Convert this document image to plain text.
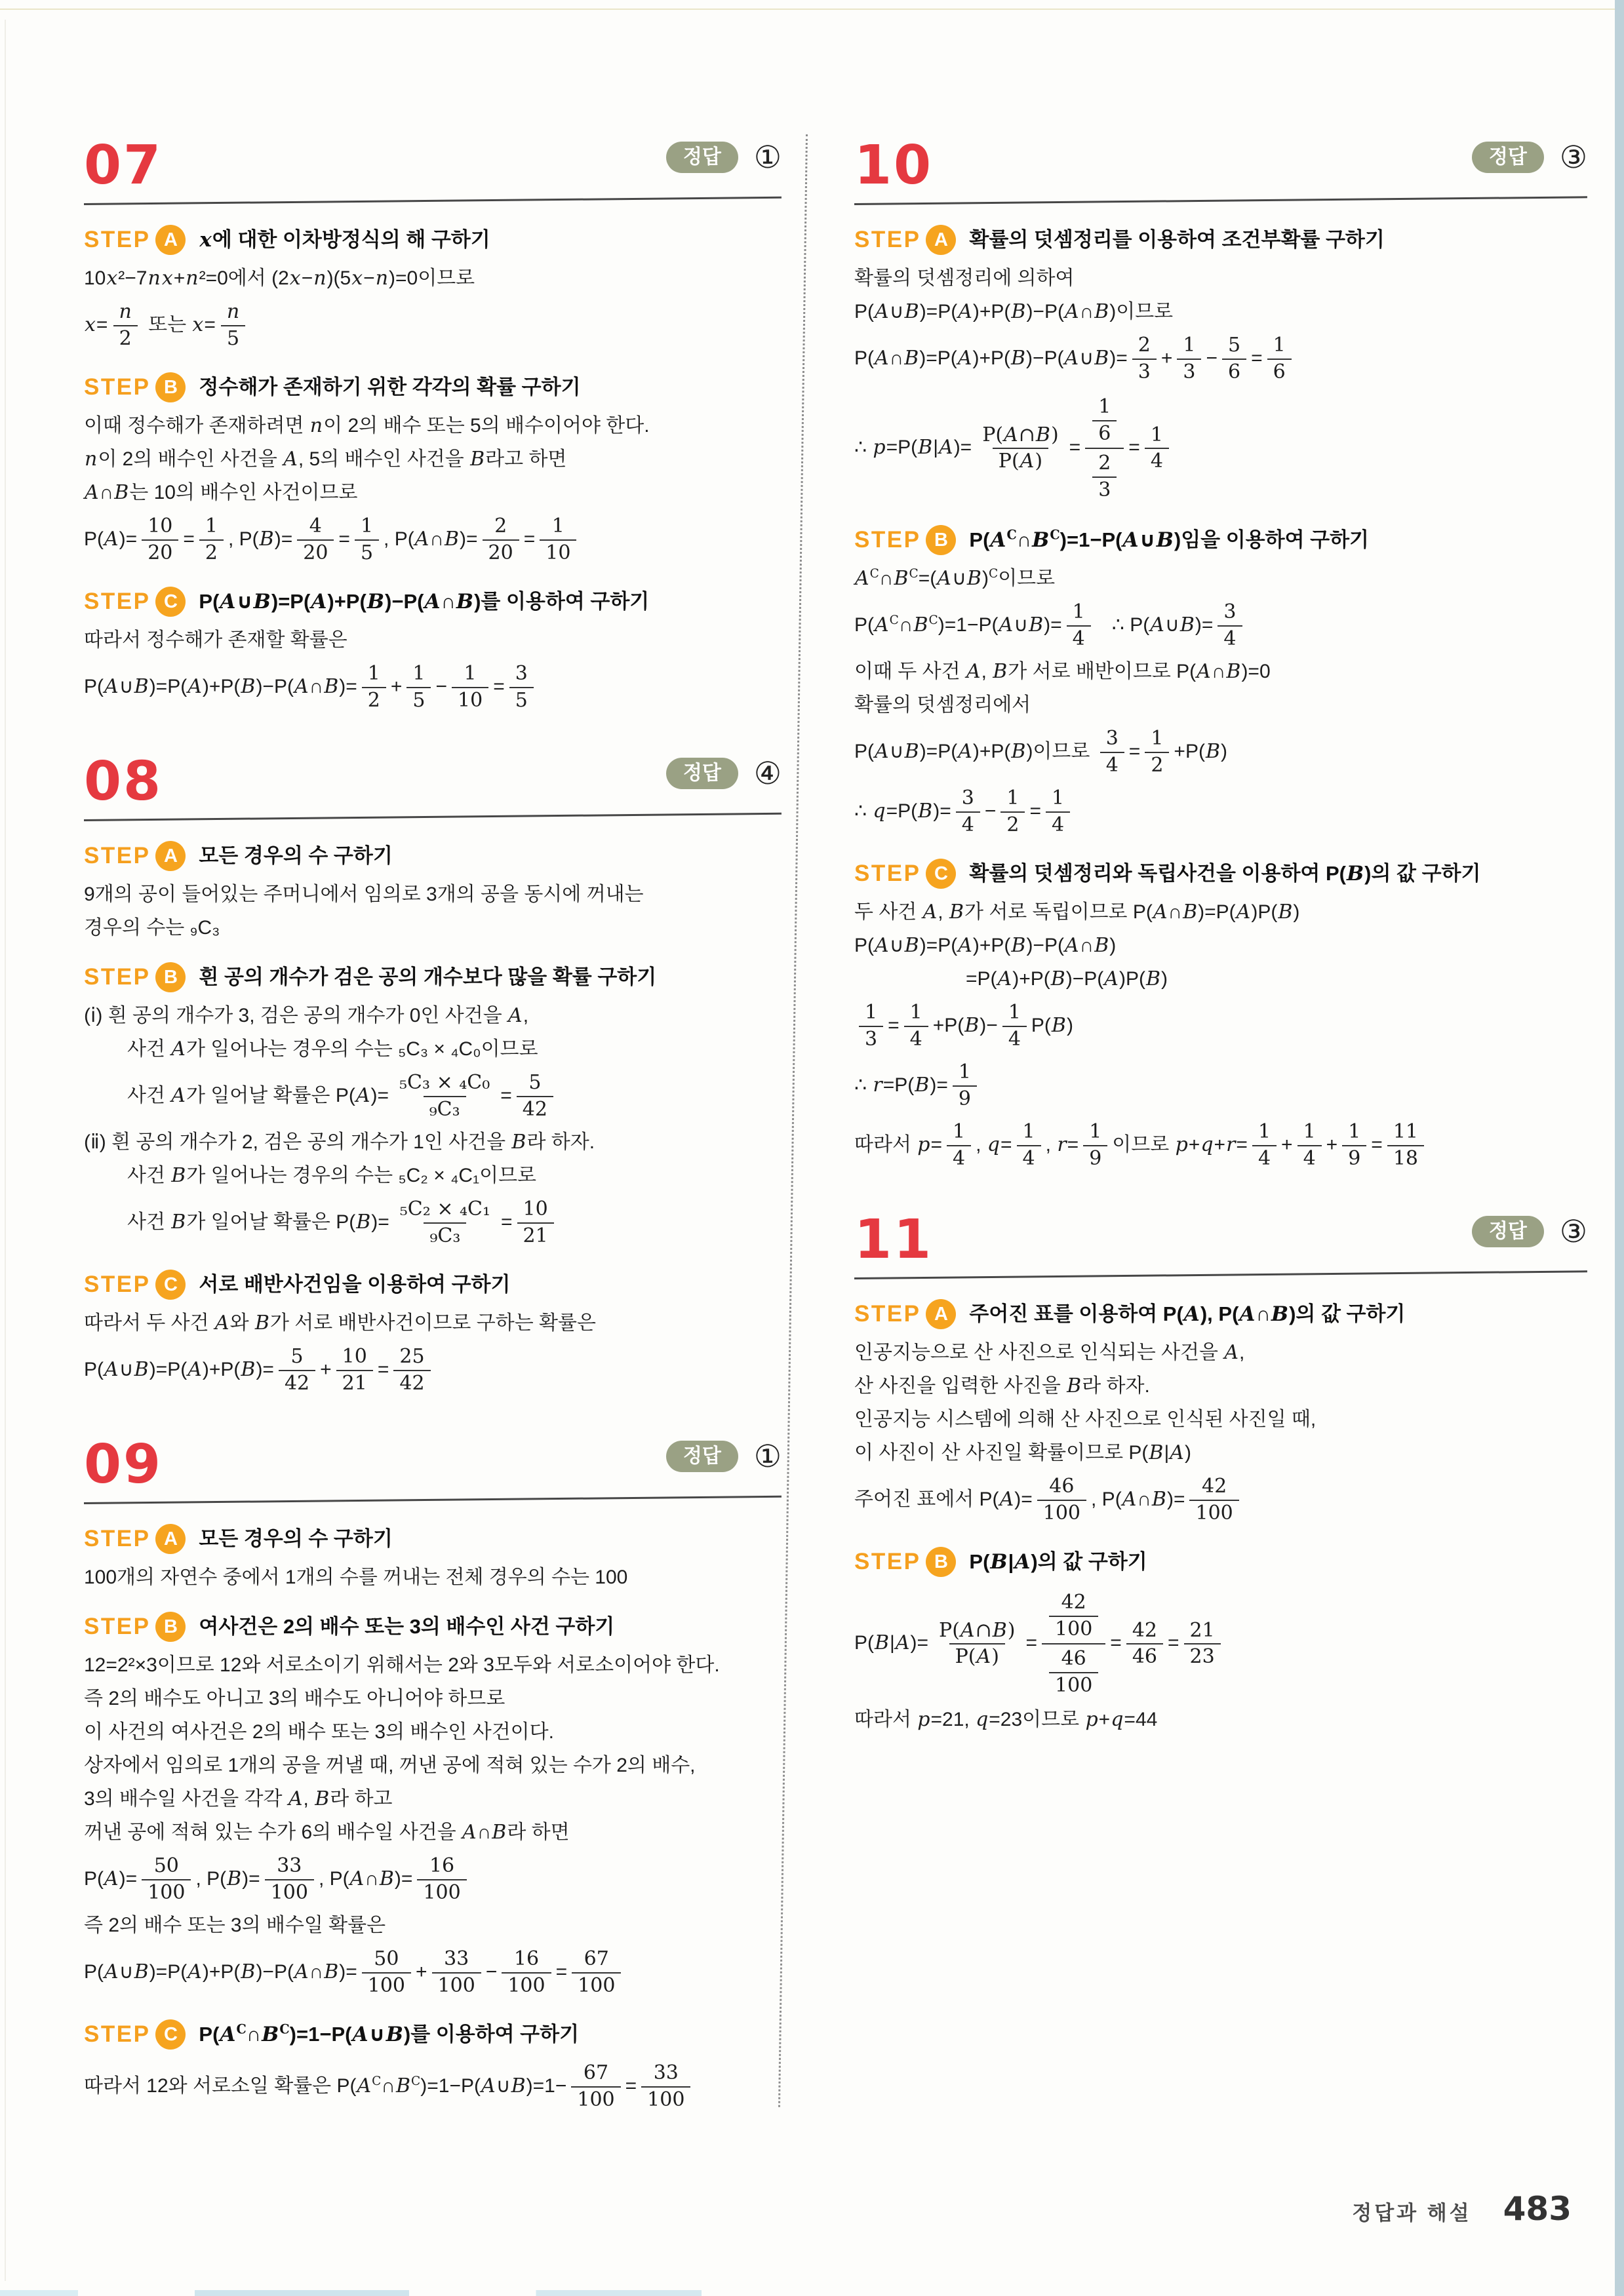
07	정답	①
STEP A	x에 대한 이차방정식의 해 구하기
10x²−7nx+n²=0에서 (2x−n)(5x−n)=0이므로
$x= \frac{n}{2}$ 또는 $x= \frac{n}{5}$
STEP B	정수해가 존재하기 위한 각각의 확률 구하기
이때 정수해가 존재하려면 n이 2의 배수 또는 5의 배수이어야 한다.
n이 2의 배수인 사건을 A, 5의 배수인 사건을 B라고 하면
A∩B는 10의 배수인 사건이므로
$P(A)= \frac{10}{20} = \frac{1}{2}$ , $P(B)= \frac{4}{20} = \frac{1}{5}$ , P(A∩B)= $\frac{2}{20} = \frac{1}{10}$
STEP C	P(A∪B)=P(A)+P(B)−P(A∩B)를 이용하여 구하기
따라서 정수해가 존재할 확률은
P(A∪B)=P(A)+P(B)−P(A∩B)= $\frac{1}{2} + \frac{1}{5} - \frac{1}{10} = \frac{3}{5}$
08	정답	④
STEP A	모든 경우의 수 구하기
9개의 공이 들어있는 주머니에서 임의로 3개의 공을 동시에 꺼내는
경우의 수는 ₉C₃
STEP B	흰 공의 개수가 검은 공의 개수보다 많을 확률 구하기
(ⅰ) 흰 공의 개수가 3, 검은 공의 개수가 0인 사건을 A,
사건 A가 일어나는 경우의 수는 ₅C₃ × ₄C₀이므로
사건 A가 일어날 확률은 $P(A)= \frac{\text{₅C₃ × ₄C₀}}{\text{₉C₃}} = \frac{5}{42}$
(ⅱ) 흰 공의 개수가 2, 검은 공의 개수가 1인 사건을 B라 하자.
사건 B가 일어나는 경우의 수는 ₅C₂ × ₄C₁이므로
사건 B가 일어날 확률은 $P(B)= \frac{\text{₅C₂ × ₄C₁}}{\text{₉C₃}} = \frac{10}{21}$
STEP C	서로 배반사건임을 이용하여 구하기
따라서 두 사건 A와 B가 서로 배반사건이므로 구하는 확률은
P(A∪B)=P(A)+P(B)= $\frac{5}{42} + \frac{10}{21} = \frac{25}{42}$
09	정답	①
STEP A	모든 경우의 수 구하기
100개의 자연수 중에서 1개의 수를 꺼내는 전체 경우의 수는 100
STEP B	여사건은 2의 배수 또는 3의 배수인 사건 구하기
12=2²×3이므로 12와 서로소이기 위해서는 2와 3모두와 서로소이어야 한다.
즉 2의 배수도 아니고 3의 배수도 아니어야 하므로
이 사건의 여사건은 2의 배수 또는 3의 배수인 사건이다.
상자에서 임의로 1개의 공을 꺼낼 때, 꺼낸 공에 적혀 있는 수가 2의 배수,
3의 배수일 사건을 각각 A, B라 하고
꺼낸 공에 적혀 있는 수가 6의 배수일 사건을 A∩B라 하면
$P(A)= \frac{50}{100}$ , $P(B)= \frac{33}{100}$ , P(A∩B)= $\frac{16}{100}$
즉 2의 배수 또는 3의 배수일 확률은
P(A∪B)=P(A)+P(B)−P(A∩B)= $\frac{50}{100} + \frac{33}{100} - \frac{16}{100} = \frac{67}{100}$
STEP C	$P(A^C\cap B^C)=1-P(A\cup B)$를 이용하여 구하기
따라서 12와 서로소일 확률은 $P(A^C\cap B^C)=1-P(A\cup B)=1- \frac{67}{100} = \frac{33}{100}$
10	정답	③
STEP A	확률의 덧셈정리를 이용하여 조건부확률 구하기
확률의 덧셈정리에 의하여
P(A∪B)=P(A)+P(B)−P(A∩B)이므로
P(A∩B)=P(A)+P(B)−P(A∪B)= $\frac{2}{3} + \frac{1}{3} - \frac{5}{6} = \frac{1}{6}$
∴ $p=P(B|A)= \frac{P(A\cap B)}{P(A)} = \frac{\frac{1}{6}}{\frac{2}{3}} = \frac{1}{4}$
STEP B	$P(A^C\cap B^C)=1-P(A\cup B)$임을 이용하여 구하기
$A^C\cap B^C=(A\cup B)^C$이므로
$P(A^C\cap B^C)=1-P(A\cup B)= \frac{1}{4}$ ∴ P(A∪B)= $\frac{3}{4}$
이때 두 사건 A, B가 서로 배반이므로 P(A∩B)=0
확률의 덧셈정리에서
P(A∪B)=P(A)+P(B)이므로 $\frac{3}{4} = \frac{1}{2} +P(B)$
∴ $q=P(B)= \frac{3}{4} - \frac{1}{2} = \frac{1}{4}$
STEP C	확률의 덧셈정리와 독립사건을 이용하여 P(B)의 값 구하기
두 사건 A, B가 서로 독립이므로 P(A∩B)=P(A)P(B)
P(A∪B)=P(A)+P(B)−P(A∩B)
=P(A)+P(B)−P(A)P(B)
$\frac{1}{3} = \frac{1}{4} +P(B)- \frac{1}{4} P(B)$
∴ $r=P(B)= \frac{1}{9}$
따라서 $p= \frac{1}{4}$ , $q= \frac{1}{4}$ , $r= \frac{1}{9}$ 이므로 $p+q+r= \frac{1}{4} + \frac{1}{4} + \frac{1}{9} = \frac{11}{18}$
11	정답	③
STEP A	주어진 표를 이용하여 P(A), P(A∩B)의 값 구하기
인공지능으로 산 사진으로 인식되는 사건을 A,
산 사진을 입력한 사진을 B라 하자.
인공지능 시스템에 의해 산 사진으로 인식된 사진일 때,
이 사진이 산 사진일 확률이므로 P(B|A)
주어진 표에서 $P(A)= \frac{46}{100}$ , P(A∩B)= $\frac{42}{100}$
STEP B	P(B|A)의 값 구하기
$P(B|A)= \frac{P(A\cap B)}{P(A)} = \frac{\frac{42}{100}}{\frac{46}{100}} = \frac{42}{46} = \frac{21}{23}$
따라서 p=21, q=23이므로 p+q=44
정답과 해설 483
